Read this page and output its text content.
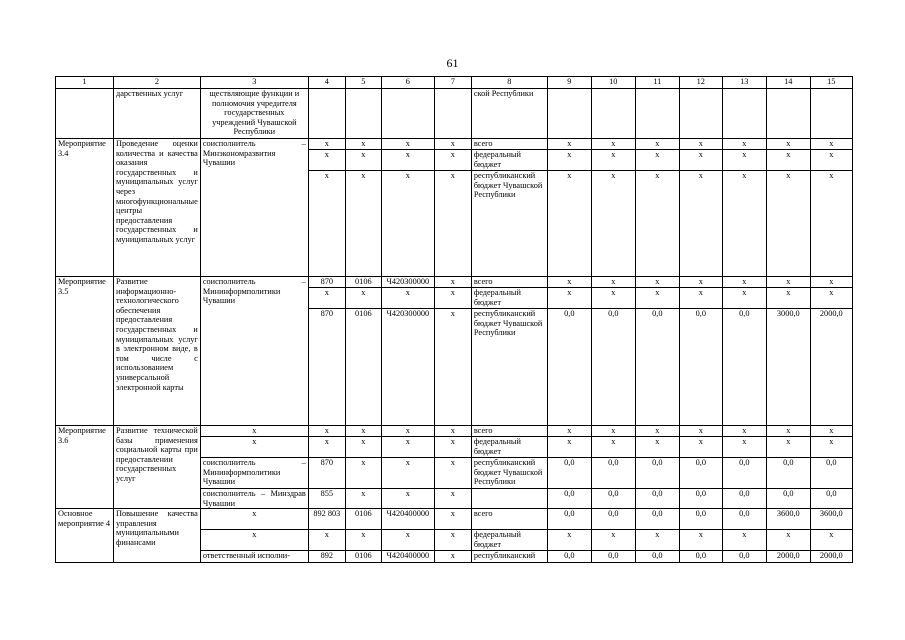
61
1	2	3	4	5	6	7	8	9	10	11	12	13	14	15
	дарственных услуг	ществляющие функции и полномочия учредителя государственных учреждений Чувашской Республики					ской Республики							
Мероприятие 3.4	Проведение оценки количества и качества оказания государственных и муниципальных услуг через многофункциональные центры предоставления государственных и муниципальных услуг	соисполнитель – Минэкономразвития Чувашии	x	x	x	x	всего	x	x	x	x	x	x	x
			x	x	x	x	федеральный бюджет	x	x	x	x	x	x	x
			x	x	x	x	республиканский бюджет Чувашской Республики	x	x	x	x	x	x	x
Мероприятие 3.5	Развитие информационно-технологического обеспечения предоставления государственных и муниципальных услуг в электронном виде, в том числе с использованием универсальной электронной карты	соисполнитель – Мининформполитики Чувашии	870	0106	Ч420300000	x	всего	x	x	x	x	x	x	x
			x	x	x	x	федеральный бюджет	x	x	x	x	x	x	x
			870	0106	Ч420300000	x	республиканский бюджет Чувашской Республики	0,0	0,0	0,0	0,0	0,0	3000,0	2000,0
Мероприятие 3.6	Развитие технической базы применения социальной карты при предоставлении государственных услуг	x	x	x	x	x	всего	x	x	x	x	x	x	x
		x	x	x	x	x	федеральный бюджет	x	x	x	x	x	x	x
		соисполнитель – Мининформполитики Чувашии	870	x	x	x	республиканский бюджет Чувашской Республики	0,0	0,0	0,0	0,0	0,0	0,0	0,0
		соисполнитель – Минздрав Чувашии	855	x	x	x		0,0	0,0	0,0	0,0	0,0	0,0	0,0
Основное мероприятие 4	Повышение качества управления муниципальными финансами	x	892 803	0106	Ч420400000	x	всего	0,0	0,0	0,0	0,0	0,0	3600,0	3600,0
		x	x	x	x	x	федеральный бюджет	x	x	x	x	x	x	x
		ответственный исполни-	892	0106	Ч420400000	x	республиканский	0,0	0,0	0,0	0,0	0,0	2000,0	2000,0
